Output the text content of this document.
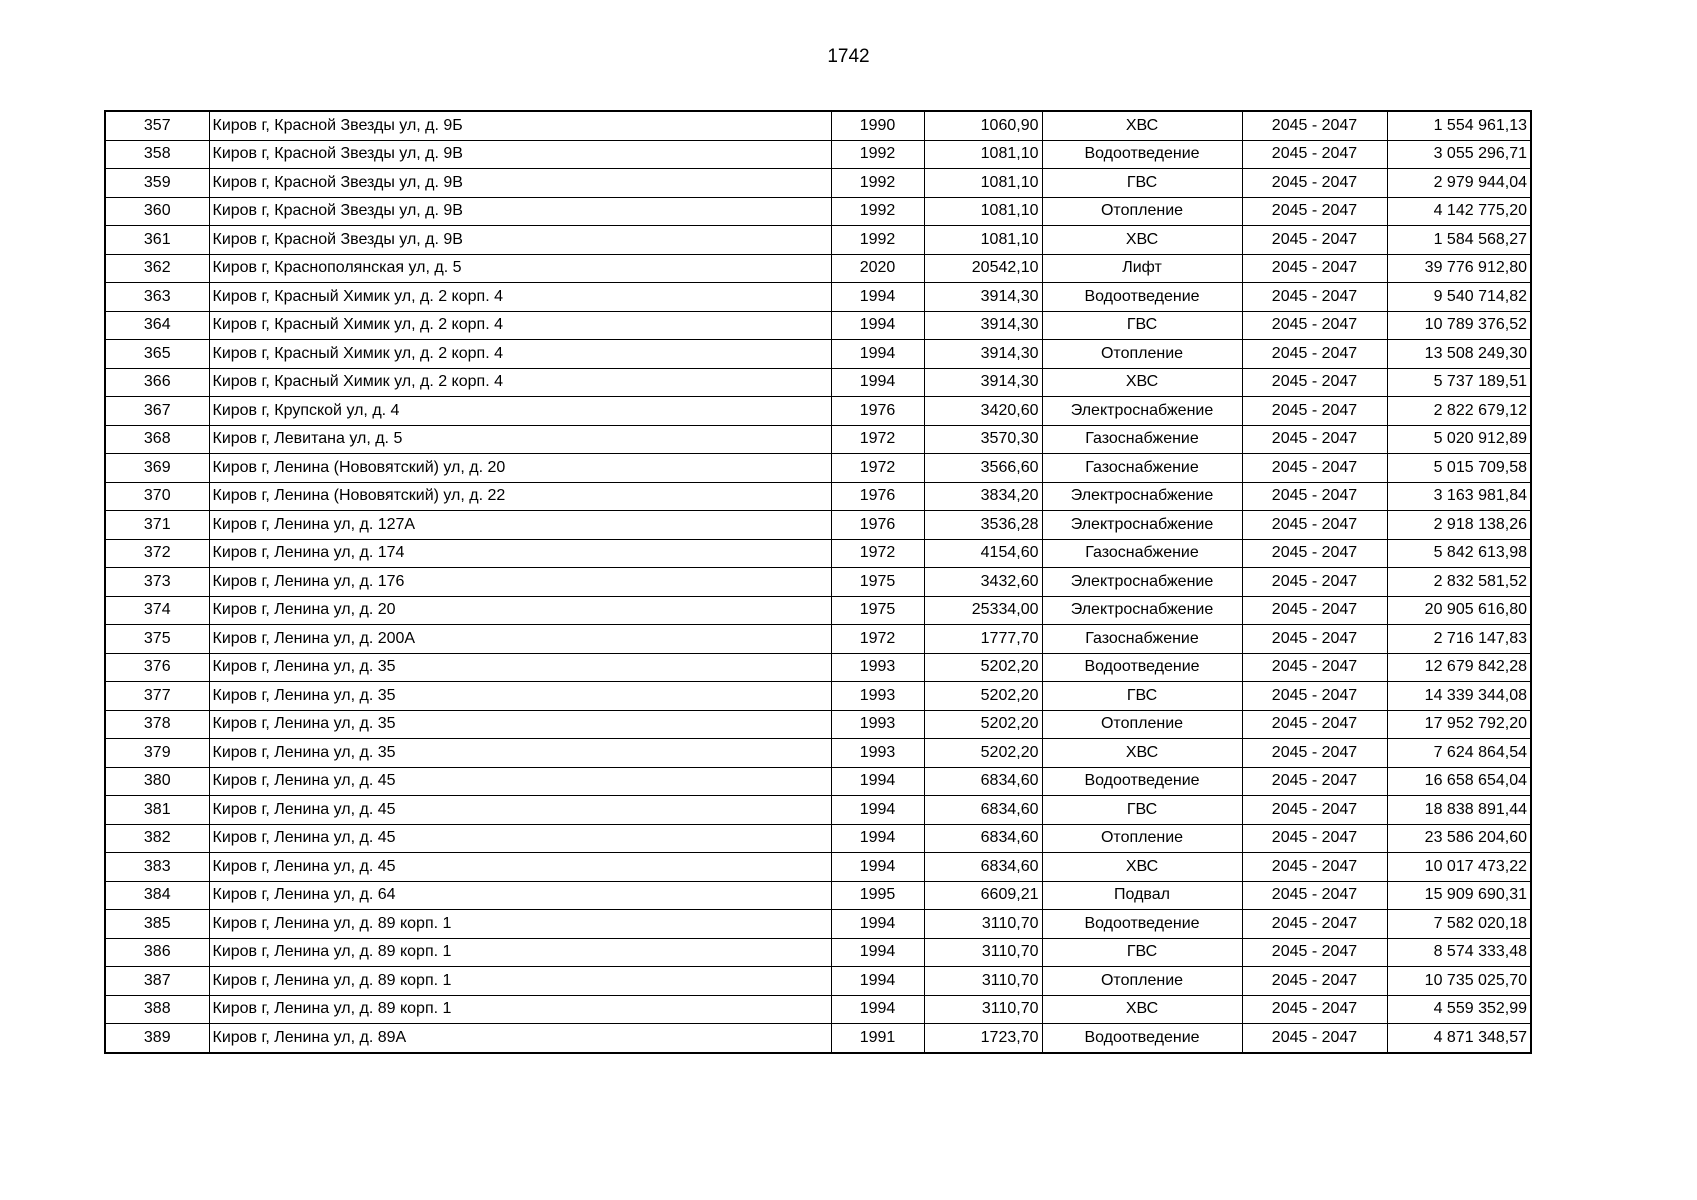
1742
357	Киров г, Красной Звезды ул, д. 9Б	1990	1060,90	ХВС	2045 - 2047	1 554 961,13
358	Киров г, Красной Звезды ул, д. 9В	1992	1081,10	Водоотведение	2045 - 2047	3 055 296,71
359	Киров г, Красной Звезды ул, д. 9В	1992	1081,10	ГВС	2045 - 2047	2 979 944,04
360	Киров г, Красной Звезды ул, д. 9В	1992	1081,10	Отопление	2045 - 2047	4 142 775,20
361	Киров г, Красной Звезды ул, д. 9В	1992	1081,10	ХВС	2045 - 2047	1 584 568,27
362	Киров г, Краснополянская ул, д. 5	2020	20542,10	Лифт	2045 - 2047	39 776 912,80
363	Киров г, Красный Химик ул, д. 2 корп. 4	1994	3914,30	Водоотведение	2045 - 2047	9 540 714,82
364	Киров г, Красный Химик ул, д. 2 корп. 4	1994	3914,30	ГВС	2045 - 2047	10 789 376,52
365	Киров г, Красный Химик ул, д. 2 корп. 4	1994	3914,30	Отопление	2045 - 2047	13 508 249,30
366	Киров г, Красный Химик ул, д. 2 корп. 4	1994	3914,30	ХВС	2045 - 2047	5 737 189,51
367	Киров г, Крупской ул, д. 4	1976	3420,60	Электроснабжение	2045 - 2047	2 822 679,12
368	Киров г, Левитана ул, д. 5	1972	3570,30	Газоснабжение	2045 - 2047	5 020 912,89
369	Киров г, Ленина (Нововятский) ул, д. 20	1972	3566,60	Газоснабжение	2045 - 2047	5 015 709,58
370	Киров г, Ленина (Нововятский) ул, д. 22	1976	3834,20	Электроснабжение	2045 - 2047	3 163 981,84
371	Киров г, Ленина ул, д. 127А	1976	3536,28	Электроснабжение	2045 - 2047	2 918 138,26
372	Киров г, Ленина ул, д. 174	1972	4154,60	Газоснабжение	2045 - 2047	5 842 613,98
373	Киров г, Ленина ул, д. 176	1975	3432,60	Электроснабжение	2045 - 2047	2 832 581,52
374	Киров г, Ленина ул, д. 20	1975	25334,00	Электроснабжение	2045 - 2047	20 905 616,80
375	Киров г, Ленина ул, д. 200А	1972	1777,70	Газоснабжение	2045 - 2047	2 716 147,83
376	Киров г, Ленина ул, д. 35	1993	5202,20	Водоотведение	2045 - 2047	12 679 842,28
377	Киров г, Ленина ул, д. 35	1993	5202,20	ГВС	2045 - 2047	14 339 344,08
378	Киров г, Ленина ул, д. 35	1993	5202,20	Отопление	2045 - 2047	17 952 792,20
379	Киров г, Ленина ул, д. 35	1993	5202,20	ХВС	2045 - 2047	7 624 864,54
380	Киров г, Ленина ул, д. 45	1994	6834,60	Водоотведение	2045 - 2047	16 658 654,04
381	Киров г, Ленина ул, д. 45	1994	6834,60	ГВС	2045 - 2047	18 838 891,44
382	Киров г, Ленина ул, д. 45	1994	6834,60	Отопление	2045 - 2047	23 586 204,60
383	Киров г, Ленина ул, д. 45	1994	6834,60	ХВС	2045 - 2047	10 017 473,22
384	Киров г, Ленина ул, д. 64	1995	6609,21	Подвал	2045 - 2047	15 909 690,31
385	Киров г, Ленина ул, д. 89 корп. 1	1994	3110,70	Водоотведение	2045 - 2047	7 582 020,18
386	Киров г, Ленина ул, д. 89 корп. 1	1994	3110,70	ГВС	2045 - 2047	8 574 333,48
387	Киров г, Ленина ул, д. 89 корп. 1	1994	3110,70	Отопление	2045 - 2047	10 735 025,70
388	Киров г, Ленина ул, д. 89 корп. 1	1994	3110,70	ХВС	2045 - 2047	4 559 352,99
389	Киров г, Ленина ул, д. 89А	1991	1723,70	Водоотведение	2045 - 2047	4 871 348,57
